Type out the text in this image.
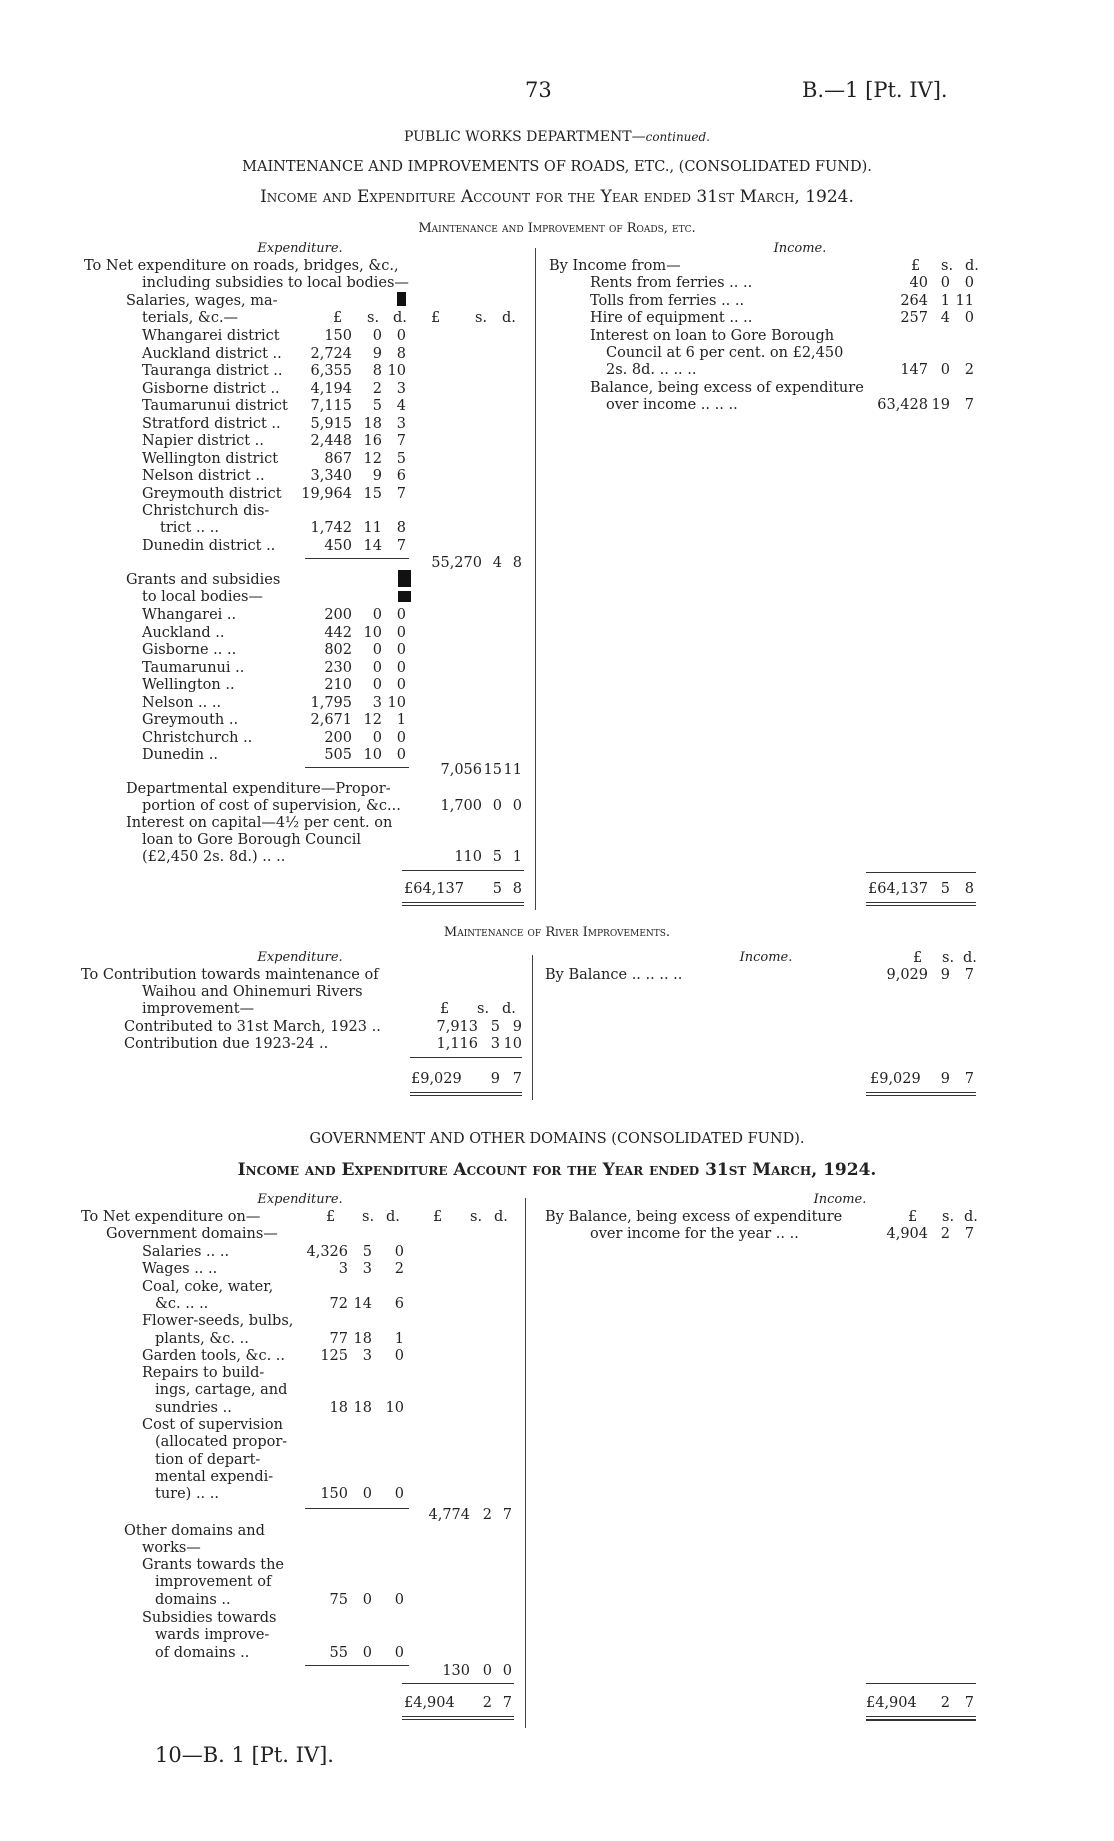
73	B.—1 [Pt. IV].
PUBLIC WORKS DEPARTMENT—continued.
MAINTENANCE AND IMPROVEMENTS OF ROADS, ETC., (CONSOLIDATED FUND).
Income and Expenditure Account for the Year ended 31st March, 1924.
Maintenance and Improvement of Roads, etc.
Expenditure.	Income.
To Net expenditure on roads, bridges, &c.,
including subsidies to local bodies—
Salaries, wages, ma-
terials, &c.—	£ s. d. £ s. d.
Whangarei district	150	0	0
Auckland district ..	2,724	9	8
Tauranga district ..	6,355	8 10
Gisborne district ..	4,194	2	3
Taumarunui district	7,115	5	4
Stratford district ..	5,915 18	3
Napier district ..	2,448 16	7
Wellington district	867 12	5
Nelson district ..	3,340	9	6
Greymouth district	19,964 15	7
Christchurch dis-
trict .. ..	1,742 11	8
Dunedin district ..	450 14	7
55,270 4 8
Grants and subsidies
to local bodies—
Whangarei ..	200	0	0
Auckland ..	442 10	0
Gisborne .. ..	802	0	0
Taumarunui ..	230	0	0
Wellington ..	210	0	0
Nelson .. ..	1,795	3 10
Greymouth ..	2,671 12	1
Christchurch ..	200	0	0
Dunedin ..	505 10	0
7,056 15 11
Departmental expenditure—Propor-
portion of cost of supervision, &c...	1,700 0 0
Interest on capital—4½ per cent. on
loan to Gore Borough Council
(£2,450 2s. 8d.) .. ..	110 5 1
£64,137	5 8
By Income from—	£ s. d.
Rents from ferries .. ..	40 0	0
Tolls from ferries .. ..	264 1 11
Hire of equipment .. ..	257 4	0
Interest on loan to Gore Borough
Council at 6 per cent. on £2,450
2s. 8d. .. .. ..	147 0	2
Balance, being excess of expenditure
over income .. .. ..	63,428 19	7
£64,137 5	8
Maintenance of River Improvements.
Expenditure.	Income.	£ s. d.
To Contribution towards maintenance of
Waihou and Ohinemuri Rivers
improvement—	£ s. d.
Contributed to 31st March, 1923 ..	7,913 5 9
Contribution due 1923-24 ..	1,116 3 10
£9,029	9 7
By Balance .. .. .. ..	9,029 9	7
£9,029	9	7
GOVERNMENT AND OTHER DOMAINS (CONSOLIDATED FUND).
Income and Expenditure Account for the Year ended 31st March, 1924.
Expenditure.	Income.
To Net expenditure on—	£ s. d. £ s. d.
Government domains—
Salaries .. ..	4,326	5	0
Wages .. ..	3	3	2
Coal, coke, water,
&c. .. ..	72 14	6
Flower-seeds, bulbs,
plants, &c. ..	77 18	1
Garden tools, &c. ..	125	3	0
Repairs to build-
ings, cartage, and
sundries ..	18 18 10
Cost of supervision
(allocated propor-
tion of depart-
mental expendi-
ture) .. ..	150	0	0
4,774 2 7
Other domains and
works—
Grants towards the
improvement of
domains ..	75	0	0
Subsidies towards
wards improve-
of domains ..	55	0	0
130 0 0
£4,904	2 7
By Balance, being excess of expenditure	£ s. d.
over income for the year .. ..	4,904 2	7
£4,904	2	7
10—B. 1 [Pt. IV].
